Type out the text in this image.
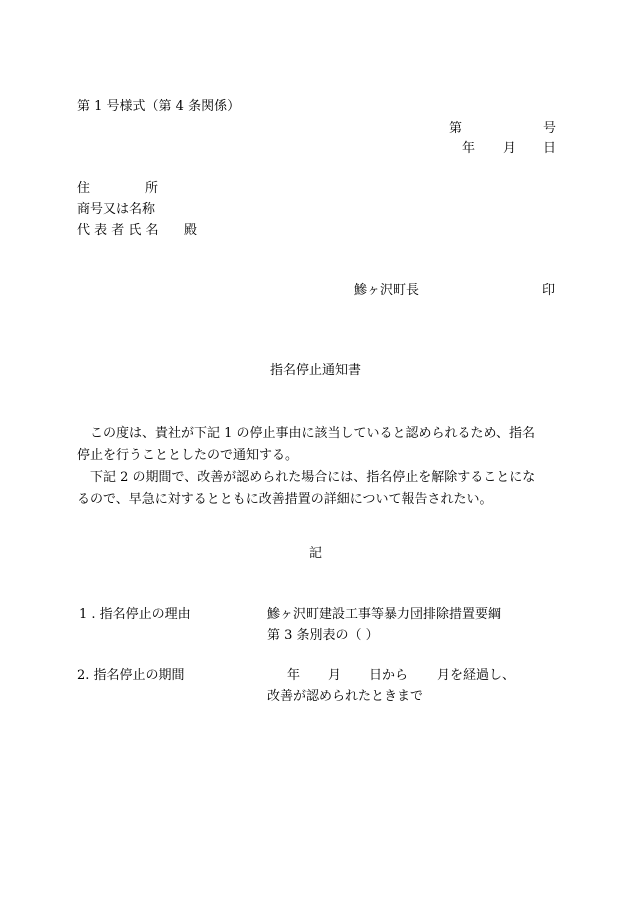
第 1 号様式（第 4 条関係）
第	号
年 月 日
住	所
商号又は名称
代 表 者 氏 名 殿
鰺ヶ沢町長	印
指名停止通知書
この度は、貴社が下記 1 の停止事由に該当していると認められるため、指名
停止を行うこととしたので通知する。
下記 2 の期間で、改善が認められた場合には、指名停止を解除することにな
るので、早急に対するとともに改善措置の詳細について報告されたい。
記
1 . 指名停止の理由	鰺ヶ沢町建設工事等暴力団排除措置要綱
第 3 条別表の（ ）
2. 指名停止の期間	年 月 日から 月を経過し、
改善が認められたときまで
